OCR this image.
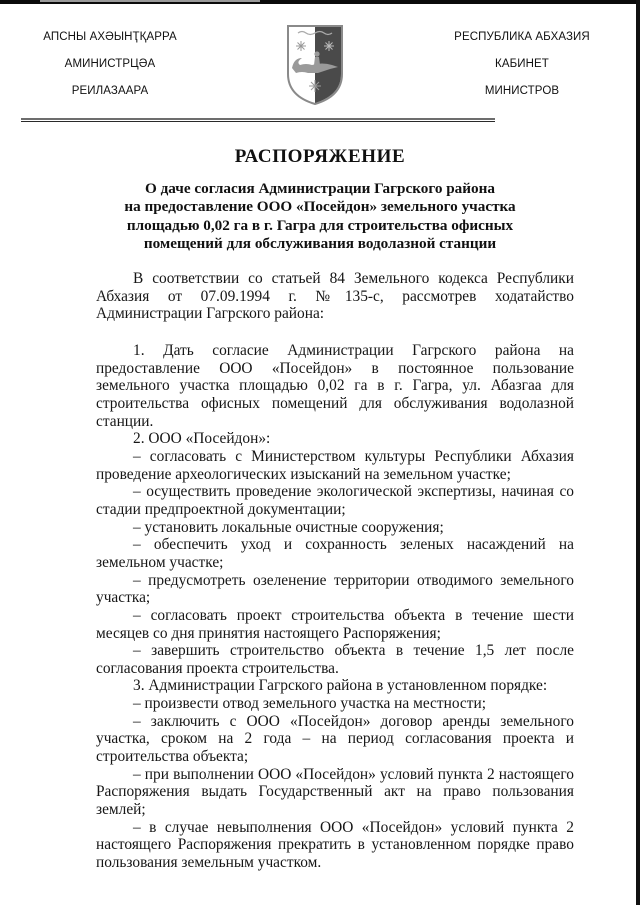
АПСНЫ АХӘЫНҬҚАРРА
АМИНИСТРЦӘА
РЕИЛАЗААРА
РЕСПУБЛИКА АБХАЗИЯ
КАБИНЕТ
МИНИСТРОВ
РАСПОРЯЖЕНИЕ
О даче согласия Администрации Гагрского района
на предоставление ООО «Посейдон» земельного участка
площадью 0,02 га в г. Гагра для строительства офисных
помещений для обслуживания водолазной станции

В соответствии со статьей 84 Земельного кодекса Республики Абхазия от 07.09.1994 г. №135-с, рассмотрев ходатайство Администрации Гагрского района:

1. Дать согласие Администрации Гагрского района на предоставление ООО «Посейдон» в постоянное пользование земельного участка площадью 0,02 га в г. Гагра, ул. Абазгаа для строительства офисных помещений для обслуживания водолазной станции.

2. ООО «Посейдон»:

– согласовать с Министерством культуры Республики Абхазия проведение археологических изысканий на земельном участке;

– осуществить проведение экологической экспертизы, начиная со стадии предпроектной документации;

– установить локальные очистные сооружения;

– обеспечить уход и сохранность зеленых насаждений на земельном участке;

– предусмотреть озеленение территории отводимого земельного участка;

– согласовать проект строительства объекта в течение шести месяцев со дня принятия настоящего Распоряжения;

– завершить строительство объекта в течение 1,5 лет после согласования проекта строительства.

3. Администрации Гагрского района в установленном порядке:

– произвести отвод земельного участка на местности;

– заключить с ООО «Посейдон» договор аренды земельного участка, сроком на 2 года – на период согласования проекта и строительства объекта;

– при выполнении ООО «Посейдон» условий пункта 2 настоящего Распоряжения выдать Государственный акт на право пользования землей;

– в случае невыполнения ООО «Посейдон» условий пункта 2 настоящего Распоряжения прекратить в установленном порядке право пользования земельным участком.
